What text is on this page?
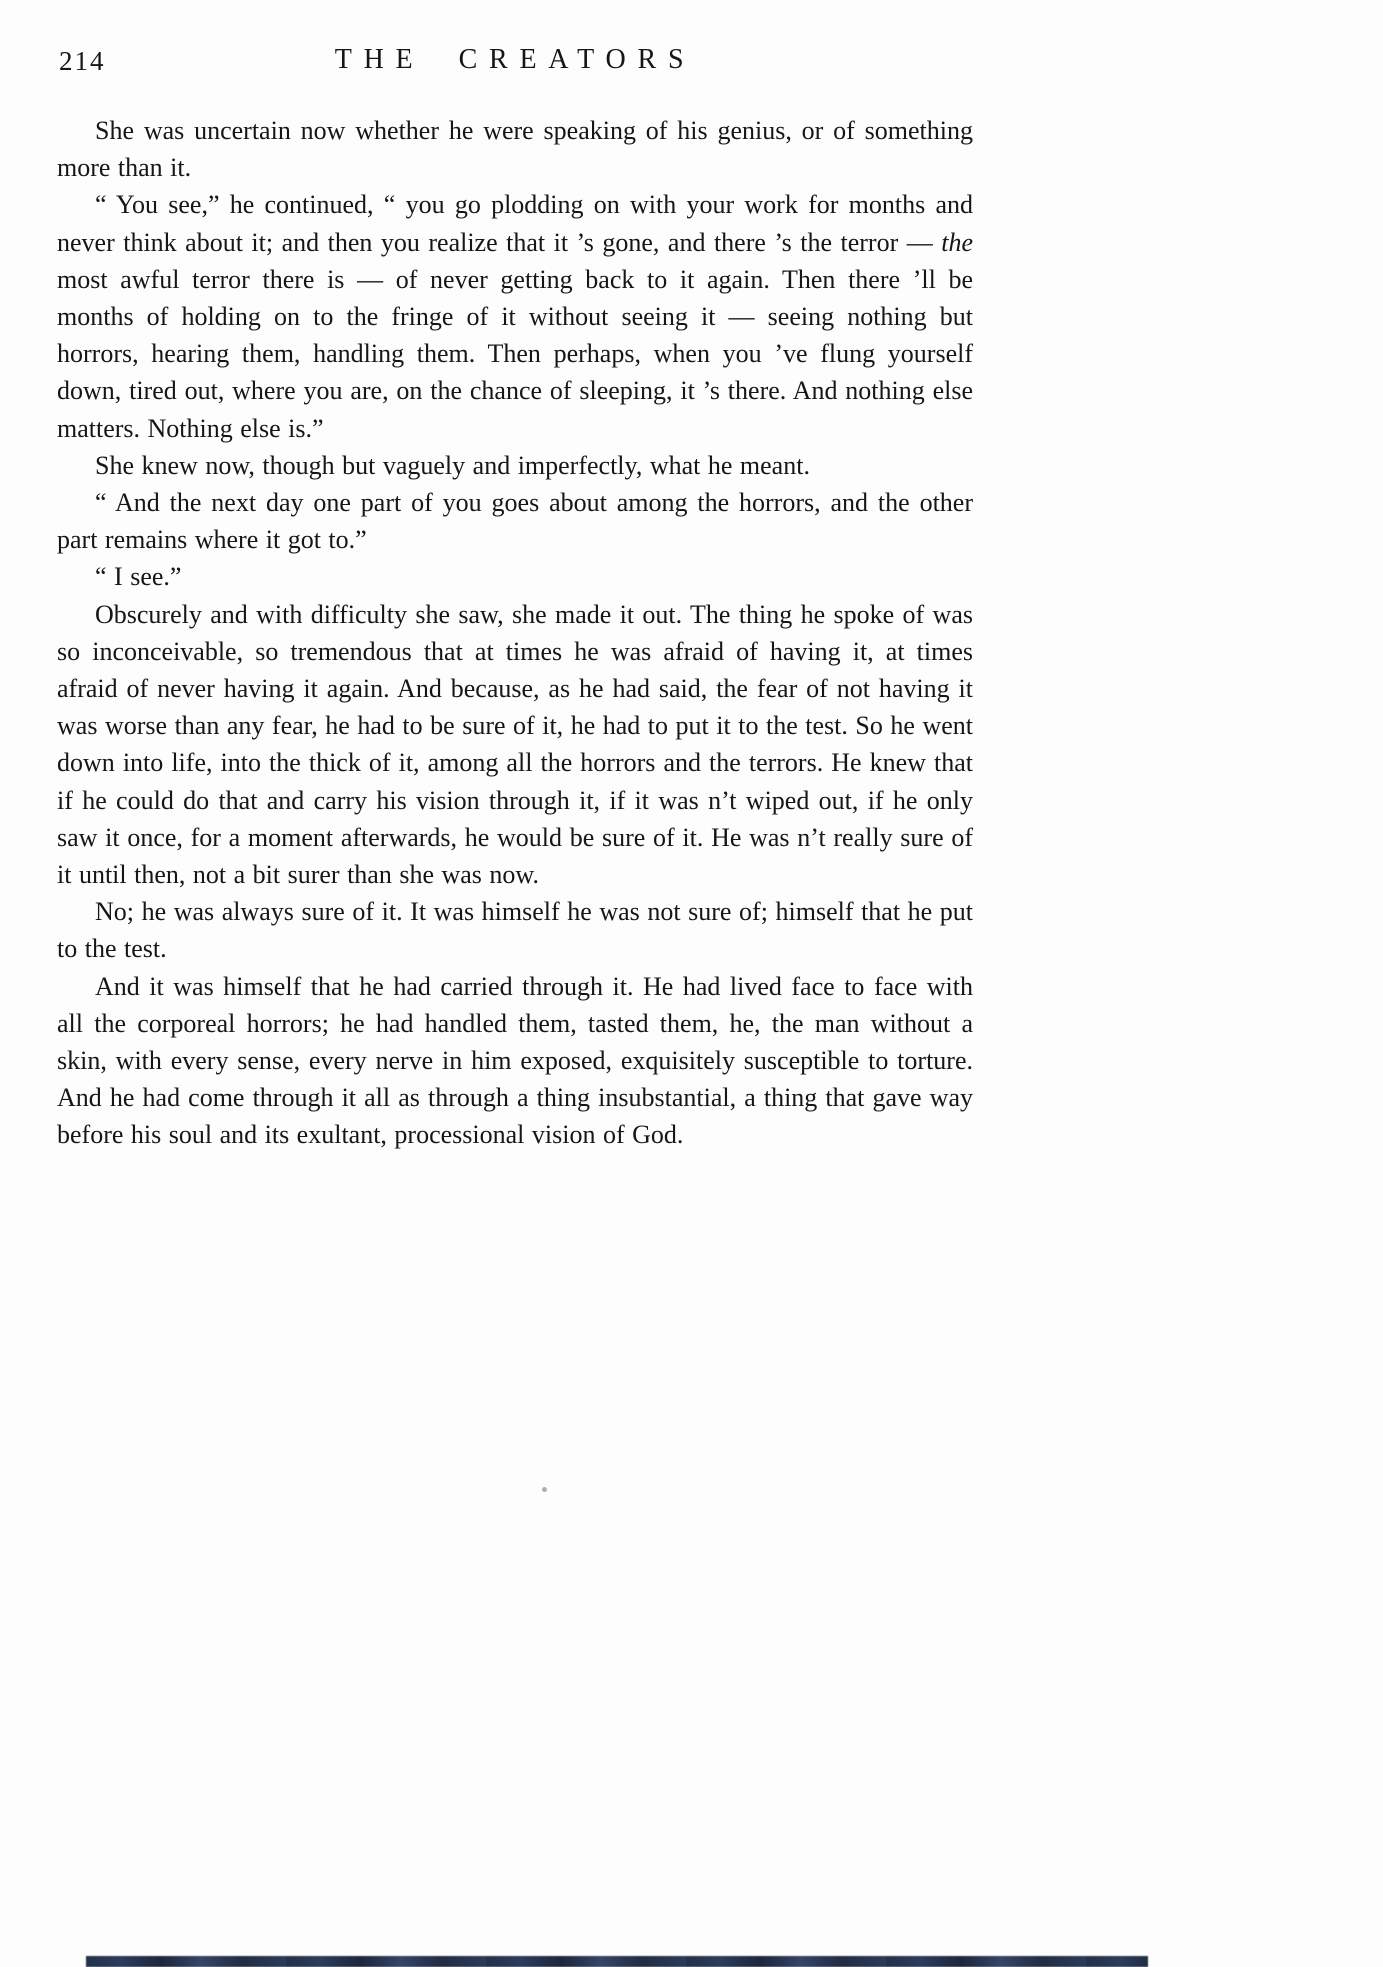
214	THE CREATORS

She was uncertain now whether he were speaking of his genius, or of something more than it.

“ You see,” he continued, “ you go plodding on with your work for months and never think about it; and then you realize that it ’s gone, and there ’s the terror — the most awful terror there is — of never getting back to it again. Then there ’ll be months of holding on to the fringe of it without seeing it — seeing nothing but horrors, hearing them, handling them. Then perhaps, when you ’ve flung yourself down, tired out, where you are, on the chance of sleeping, it ’s there. And nothing else matters. Nothing else is.”

She knew now, though but vaguely and imperfectly, what he meant.

“ And the next day one part of you goes about among the horrors, and the other part remains where it got to.”

“ I see.”

Obscurely and with difficulty she saw, she made it out. The thing he spoke of was so inconceivable, so tremendous that at times he was afraid of having it, at times afraid of never having it again. And because, as he had said, the fear of not having it was worse than any fear, he had to be sure of it, he had to put it to the test. So he went down into life, into the thick of it, among all the horrors and the terrors. He knew that if he could do that and carry his vision through it, if it was n’t wiped out, if he only saw it once, for a moment afterwards, he would be sure of it. He was n’t really sure of it until then, not a bit surer than she was now.

No; he was always sure of it. It was himself he was not sure of; himself that he put to the test.

And it was himself that he had carried through it. He had lived face to face with all the corporeal horrors; he had handled them, tasted them, he, the man without a skin, with every sense, every nerve in him exposed, exquisitely susceptible to torture. And he had come through it all as through a thing insubstantial, a thing that gave way before his soul and its exultant, processional vision of God.
